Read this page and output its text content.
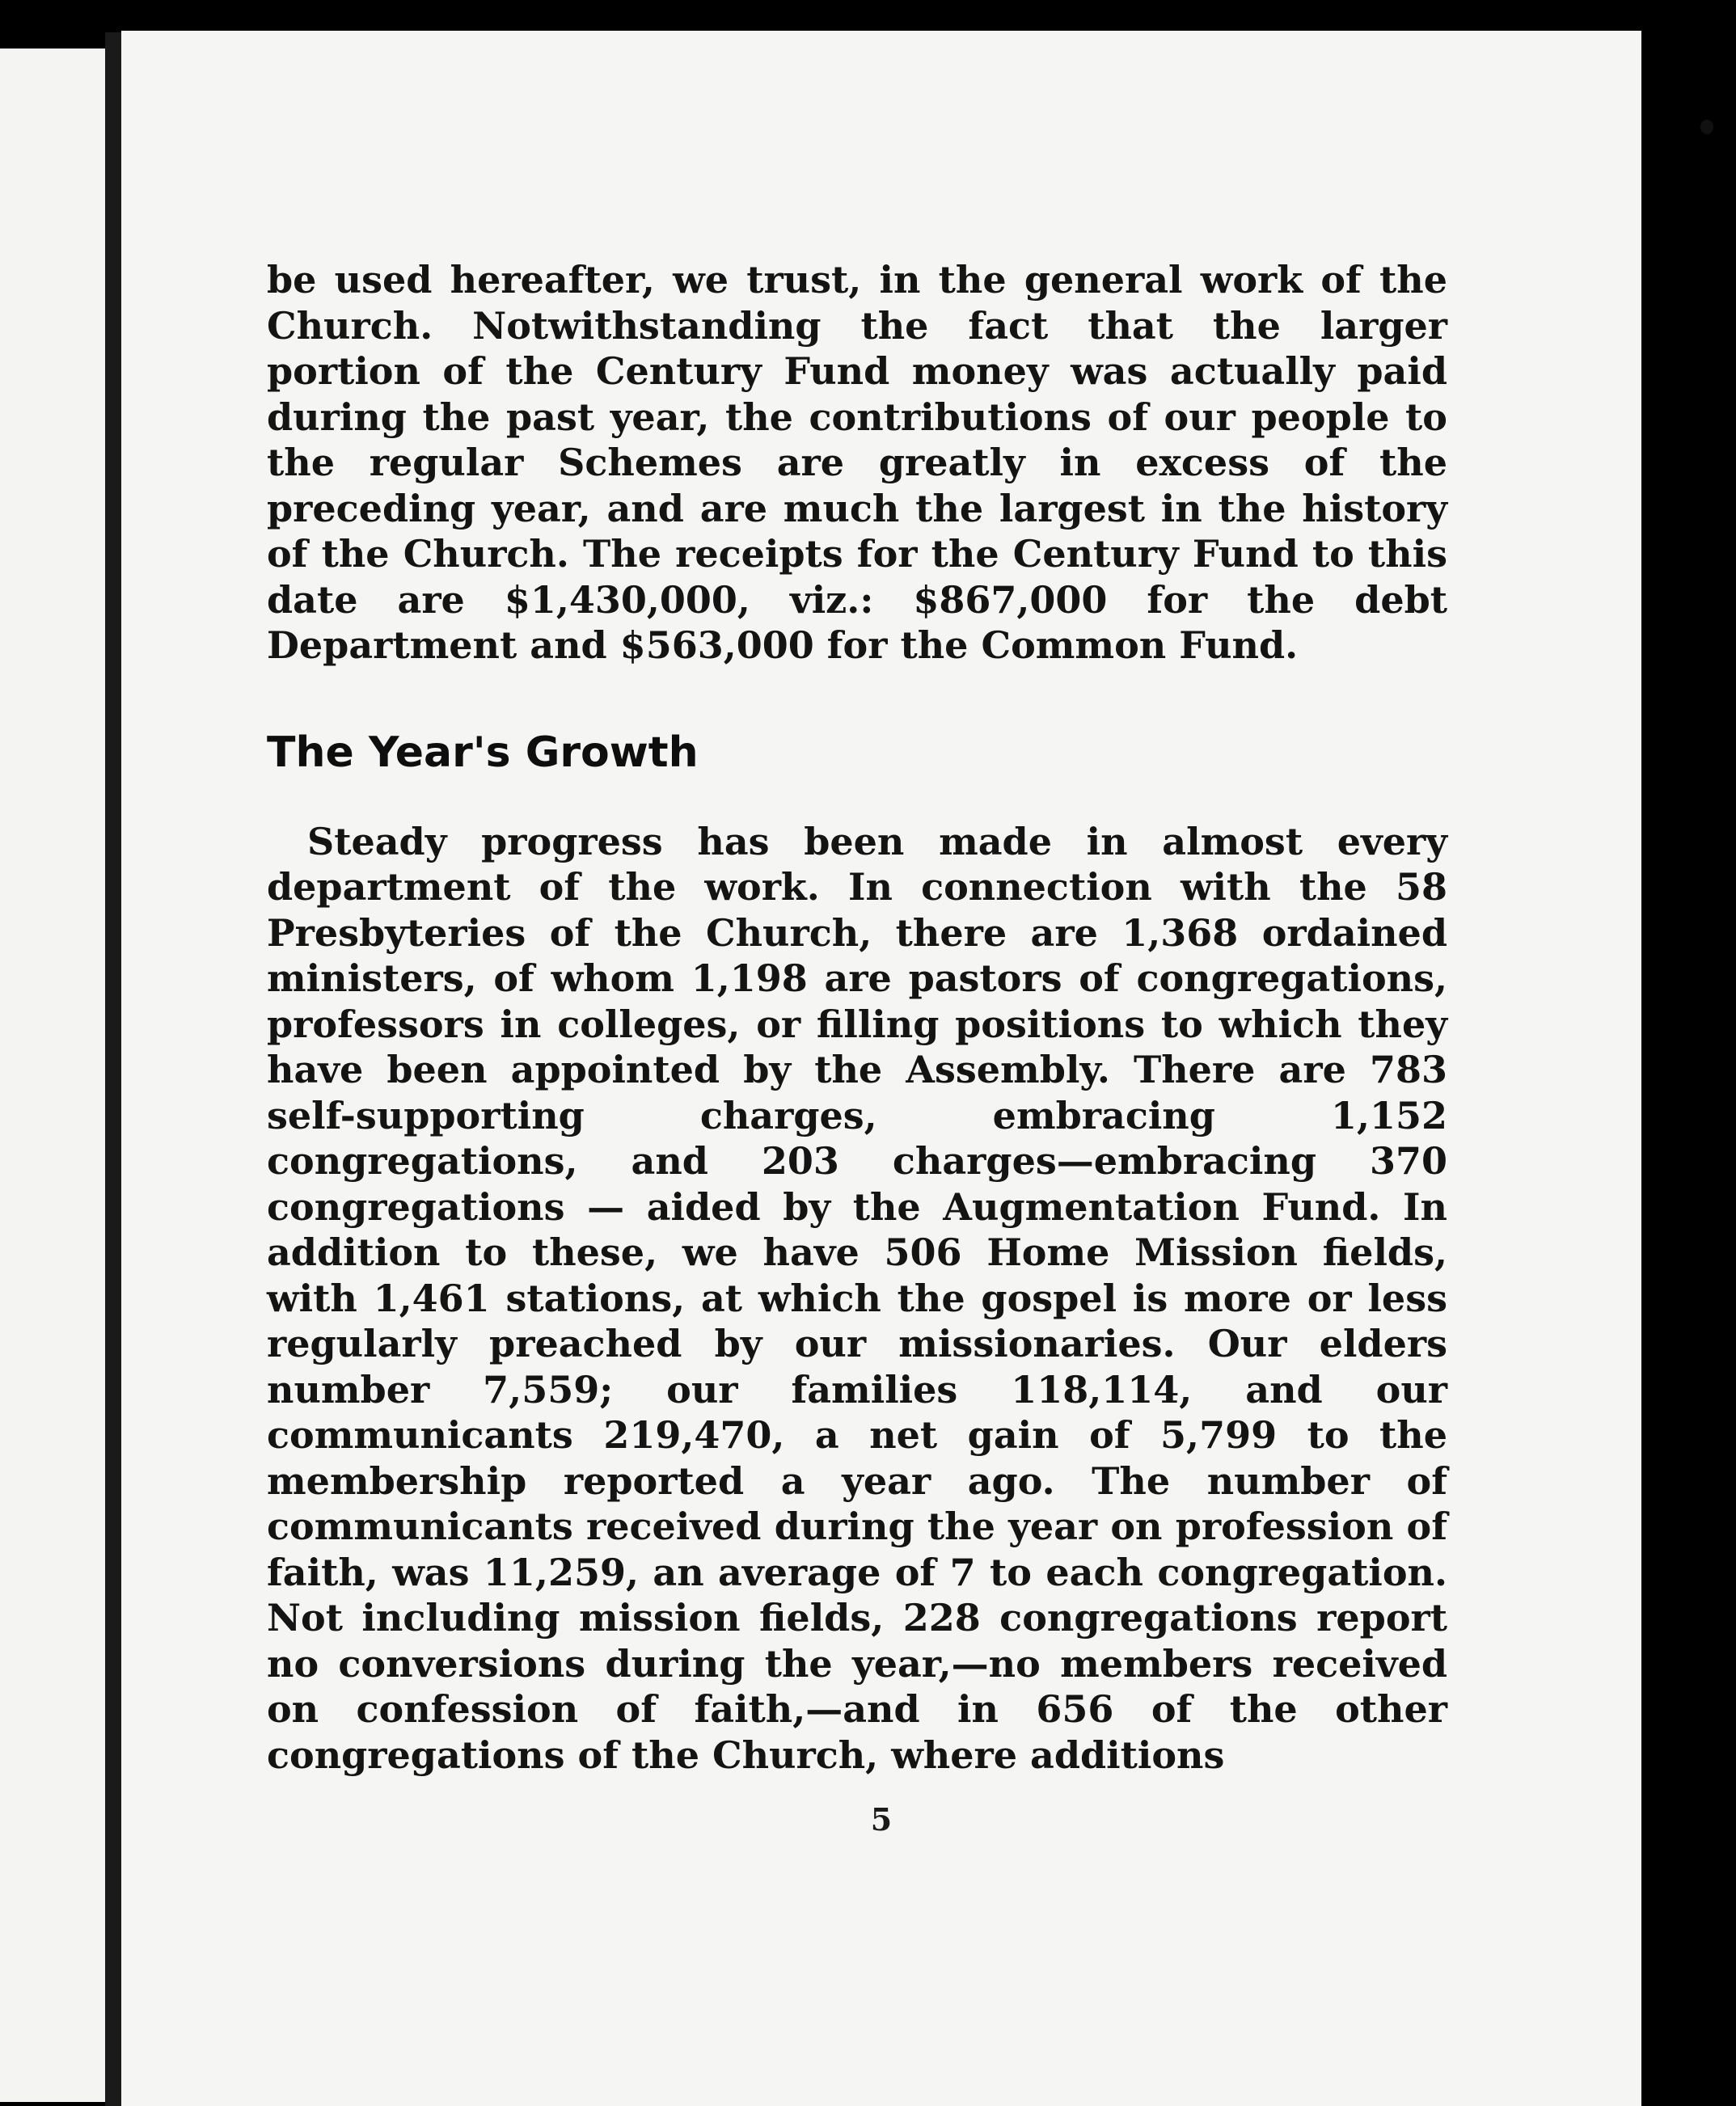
be used hereafter, we trust, in the general work of the Church. Notwithstanding the fact that the larger portion of the Century Fund money was actually paid during the past year, the contributions of our people to the regular Schemes are greatly in excess of the preceding year, and are much the largest in the history of the Church. The receipts for the Century Fund to this date are $1,430,000, viz.: $867,000 for the debt Department and $563,000 for the Common Fund.

The Year's Growth

Steady progress has been made in almost every department of the work. In connection with the 58 Presbyteries of the Church, there are 1,368 ordained ministers, of whom 1,198 are pastors of congregations, professors in colleges, or filling positions to which they have been appointed by the Assembly. There are 783 self-supporting charges, embracing 1,152 congregations, and 203 charges—embracing 370 congregations — aided by the Augmentation Fund. In addition to these, we have 506 Home Mission fields, with 1,461 stations, at which the gospel is more or less regularly preached by our missionaries. Our elders number 7,559; our families 118,114, and our communicants 219,470, a net gain of 5,799 to the membership reported a year ago. The number of communicants received during the year on profession of faith, was 11,259, an average of 7 to each congregation. Not including mission fields, 228 congregations report no conversions during the year,—no members received on confession of faith,—and in 656 of the other congregations of the Church, where additions

5
